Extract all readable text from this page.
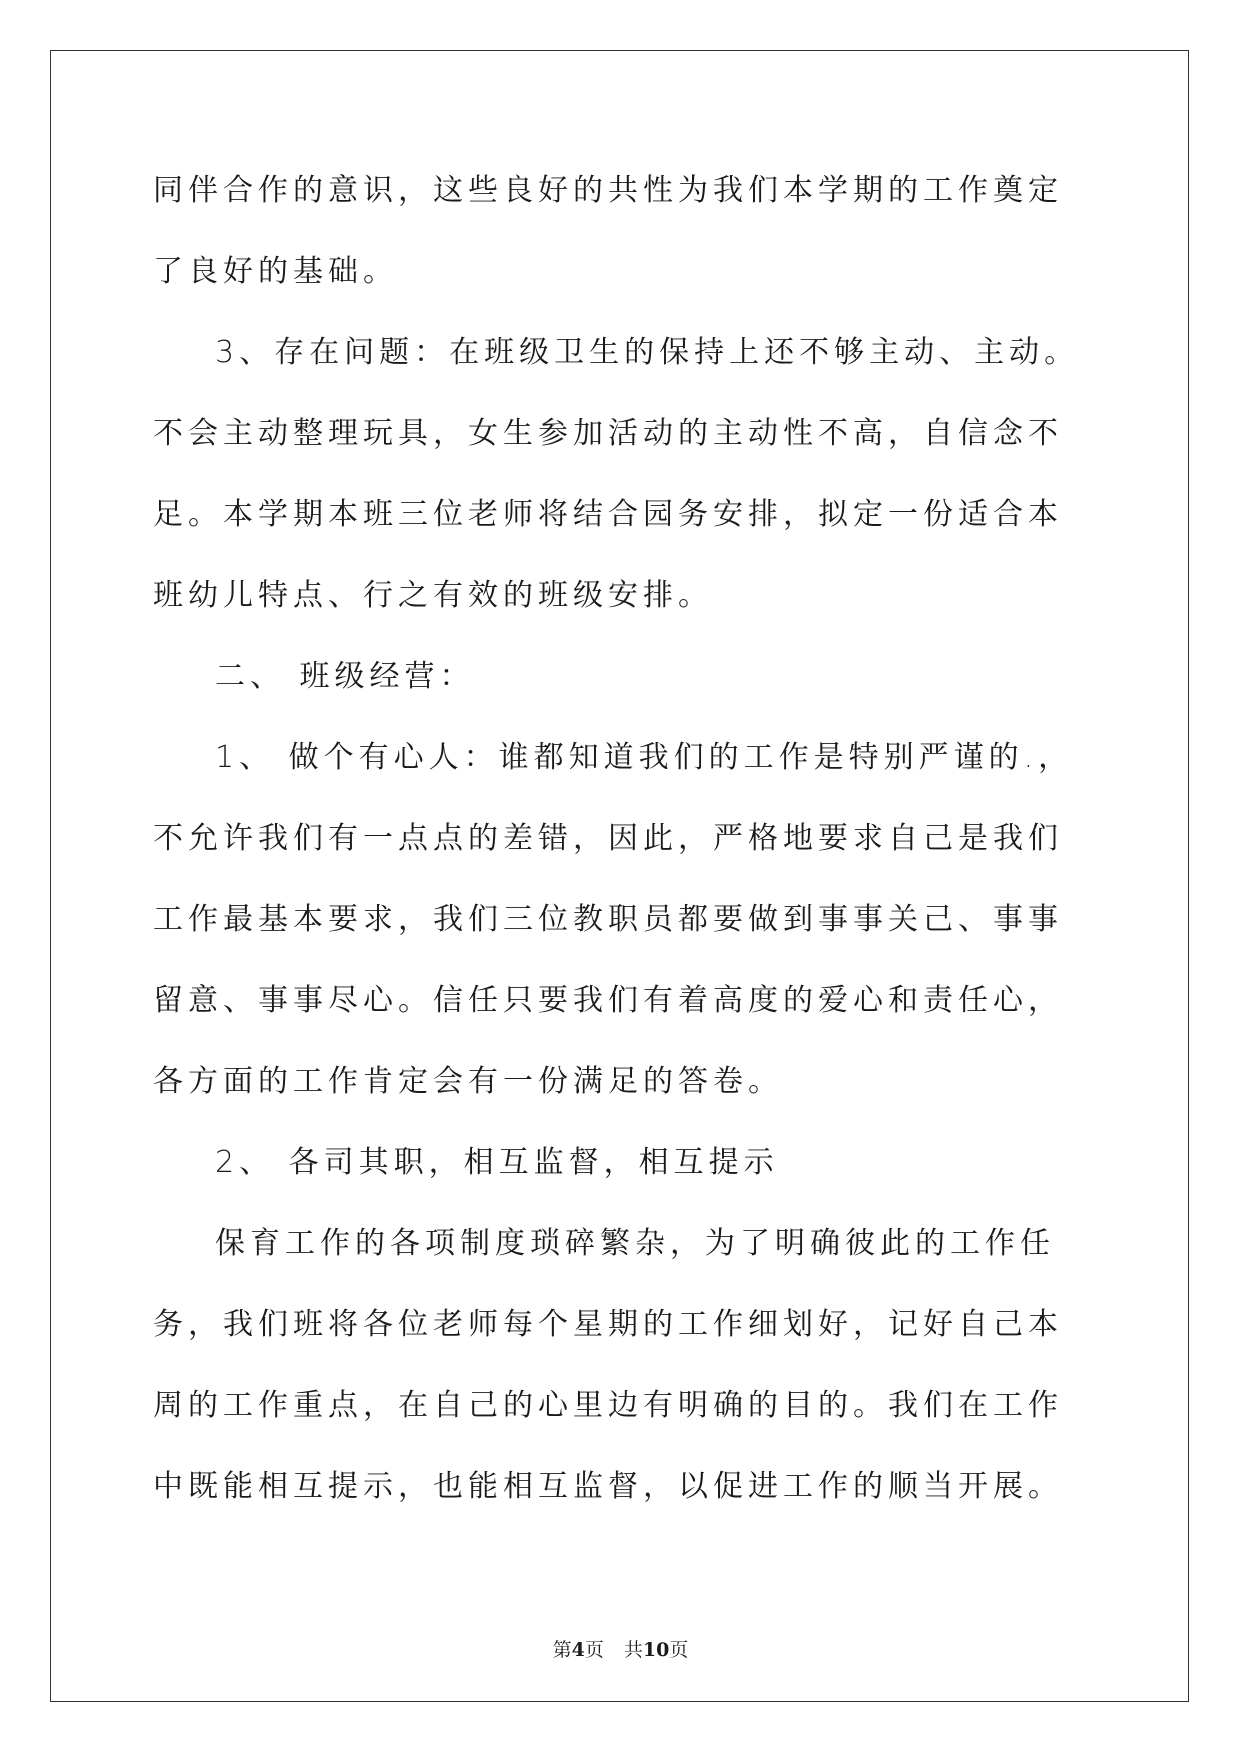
同伴合作的意识，这些良好的共性为我们本学期的工作奠定了良好的基础。

3、存在问题：在班级卫生的保持上还不够主动、主动。不会主动整理玩具，女生参加活动的主动性不高，自信念不足。本学期本班三位老师将结合园务安排，拟定一份适合本班幼儿特点、行之有效的班级安排。

二、 班级经营：

1、 做个有心人：谁都知道我们的工作是特别严谨的.，不允许我们有一点点的差错，因此，严格地要求自己是我们工作最基本要求，我们三位教职员都要做到事事关己、事事留意、事事尽心。信任只要我们有着高度的爱心和责任心，各方面的工作肯定会有一份满足的答卷。

2、 各司其职，相互监督，相互提示

保育工作的各项制度琐碎繁杂，为了明确彼此的工作任务，我们班将各位老师每个星期的工作细划好，记好自己本周的工作重点，在自己的心里边有明确的目的。我们在工作中既能相互提示，也能相互监督，以促进工作的顺当开展。

第4页 共10页
